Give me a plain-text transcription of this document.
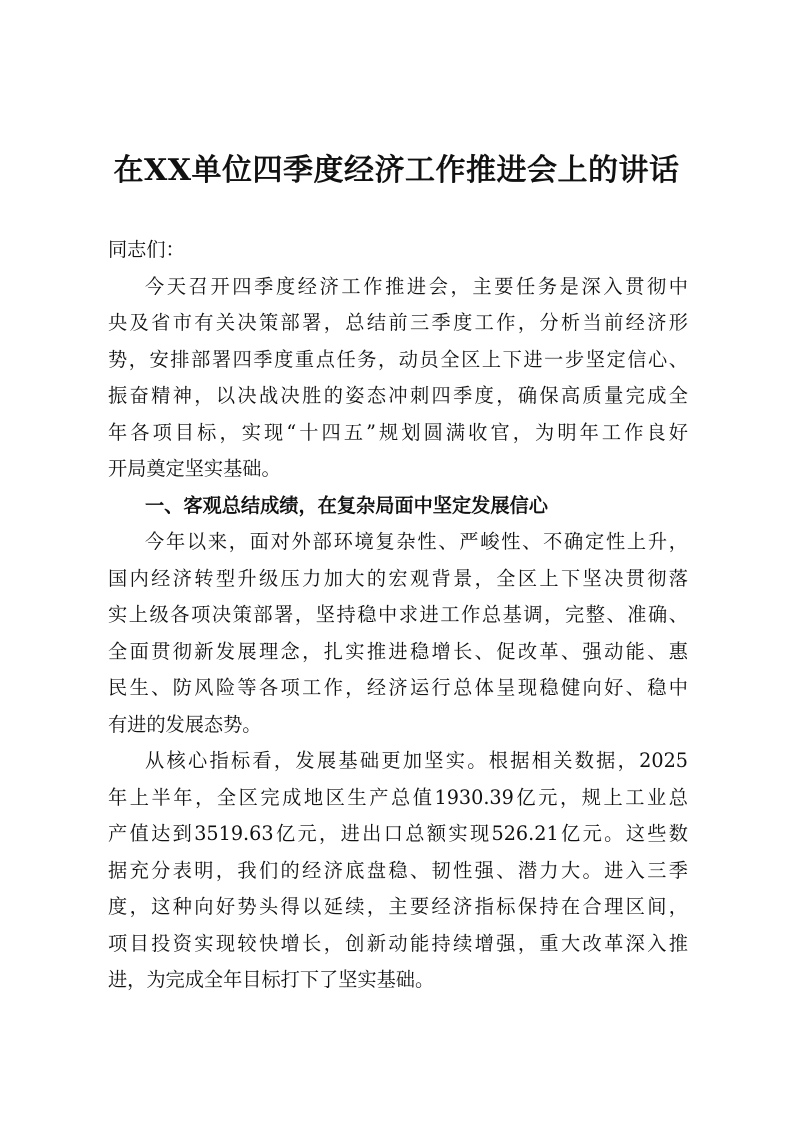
在XX单位四季度经济工作推进会上的讲话

同志们：

今天召开四季度经济工作推进会，主要任务是深入贯彻中
央及省市有关决策部署，总结前三季度工作，分析当前经济形
势，安排部署四季度重点任务，动员全区上下进一步坚定信心、
振奋精神，以决战决胜的姿态冲刺四季度，确保高质量完成全
年各项目标，实现“十四五”规划圆满收官，为明年工作良好
开局奠定坚实基础。

一、客观总结成绩，在复杂局面中坚定发展信心

今年以来，面对外部环境复杂性、严峻性、不确定性上升，
国内经济转型升级压力加大的宏观背景，全区上下坚决贯彻落
实上级各项决策部署，坚持稳中求进工作总基调，完整、准确、
全面贯彻新发展理念，扎实推进稳增长、促改革、强动能、惠
民生、防风险等各项工作，经济运行总体呈现稳健向好、稳中
有进的发展态势。
从核心指标看，发展基础更加坚实。根据相关数据，2025
年上半年，全区完成地区生产总值1930.39亿元，规上工业总
产值达到3519.63亿元，进出口总额实现526.21亿元。这些数
据充分表明，我们的经济底盘稳、韧性强、潜力大。进入三季
度，这种向好势头得以延续，主要经济指标保持在合理区间，
项目投资实现较快增长，创新动能持续增强，重大改革深入推
进，为完成全年目标打下了坚实基础。
